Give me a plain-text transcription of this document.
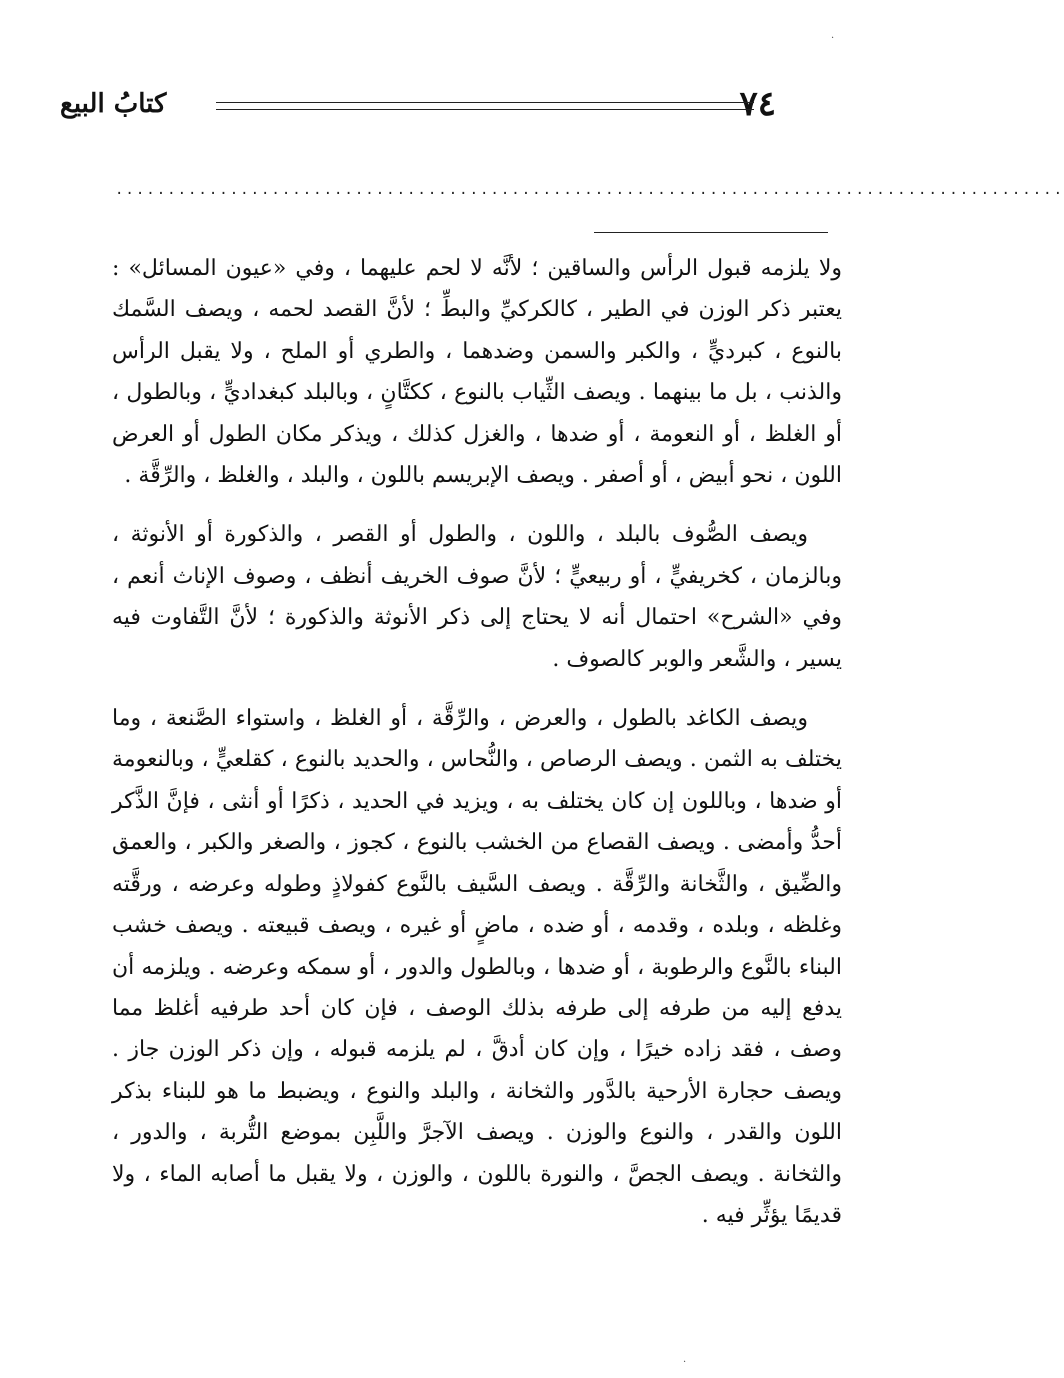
٧٤
كتابُ البيع
...........................................................................................

ولا يلزمه قبول الرأس والساقين ؛ لأنَّه لا لحم عليهما ، وفي «عيون المسائل» : يعتبر ذكر الوزن في الطير ، كالكركيِّ والبطِّ ؛ لأنَّ القصد لحمه ، ويصف السَّمك بالنوع ، كبرديٍّ ، والكبر والسمن وضدهما ، والطري أو الملح ، ولا يقبل الرأس والذنب ، بل ما بينهما . ويصف الثِّياب بالنوع ، ككتَّانٍ ، وبالبلد كبغداديٍّ ، وبالطول ، أو الغلظ ، أو النعومة ، أو ضدها ، والغزل كذلك ، ويذكر مكان الطول أو العرض اللون ، نحو أبيض ، أو أصفر . ويصف الإبريسم باللون ، والبلد ، والغلظ ، والرِّقَّة .

ويصف الصُّوف بالبلد ، واللون ، والطول أو القصر ، والذكورة أو الأنوثة ، وبالزمان ، كخريفيٍّ ، أو ربيعيٍّ ؛ لأنَّ صوف الخريف أنظف ، وصوف الإناث أنعم ، وفي «الشرح» احتمال أنه لا يحتاج إلى ذكر الأنوثة والذكورة ؛ لأنَّ التَّفاوت فيه يسير ، والشَّعر والوبر كالصوف .

ويصف الكاغد بالطول ، والعرض ، والرِّقَّة ، أو الغلظ ، واستواء الصَّنعة ، وما يختلف به الثمن . ويصف الرصاص ، والنُّحاس ، والحديد بالنوع ، كقلعيٍّ ، وبالنعومة أو ضدها ، وباللون إن كان يختلف به ، ويزيد في الحديد ، ذكرًا أو أنثى ، فإنَّ الذَّكر أحدُّ وأمضى . ويصف القصاع من الخشب بالنوع ، كجوز ، والصغر والكبر ، والعمق والضِّيق ، والثَّخانة والرِّقَّة . ويصف السَّيف بالنَّوع كفولاذٍ وطوله وعرضه ، ورقَّته وغلظه ، وبلده ، وقدمه ، أو ضده ، ماضٍ أو غيره ، ويصف قبيعته . ويصف خشب البناء بالنَّوع والرطوبة ، أو ضدها ، وبالطول والدور ، أو سمكه وعرضه . ويلزمه أن يدفع إليه من طرفه إلى طرفه بذلك الوصف ، فإن كان أحد طرفيه أغلظ مما وصف ، فقد زاده خيرًا ، وإن كان أدقَّ ، لم يلزمه قبوله ، وإن ذكر الوزن جاز . ويصف حجارة الأرحية بالدَّور والثخانة ، والبلد والنوع ، ويضبط ما هو للبناء بذكر اللون والقدر ، والنوع والوزن . ويصف الآجرَّ واللَّبِن بموضع التُّربة ، والدور ، والثخانة . ويصف الجصَّ ، والنورة باللون ، والوزن ، ولا يقبل ما أصابه الماء ، ولا قديمًا يؤثِّر فيه .

·
·
